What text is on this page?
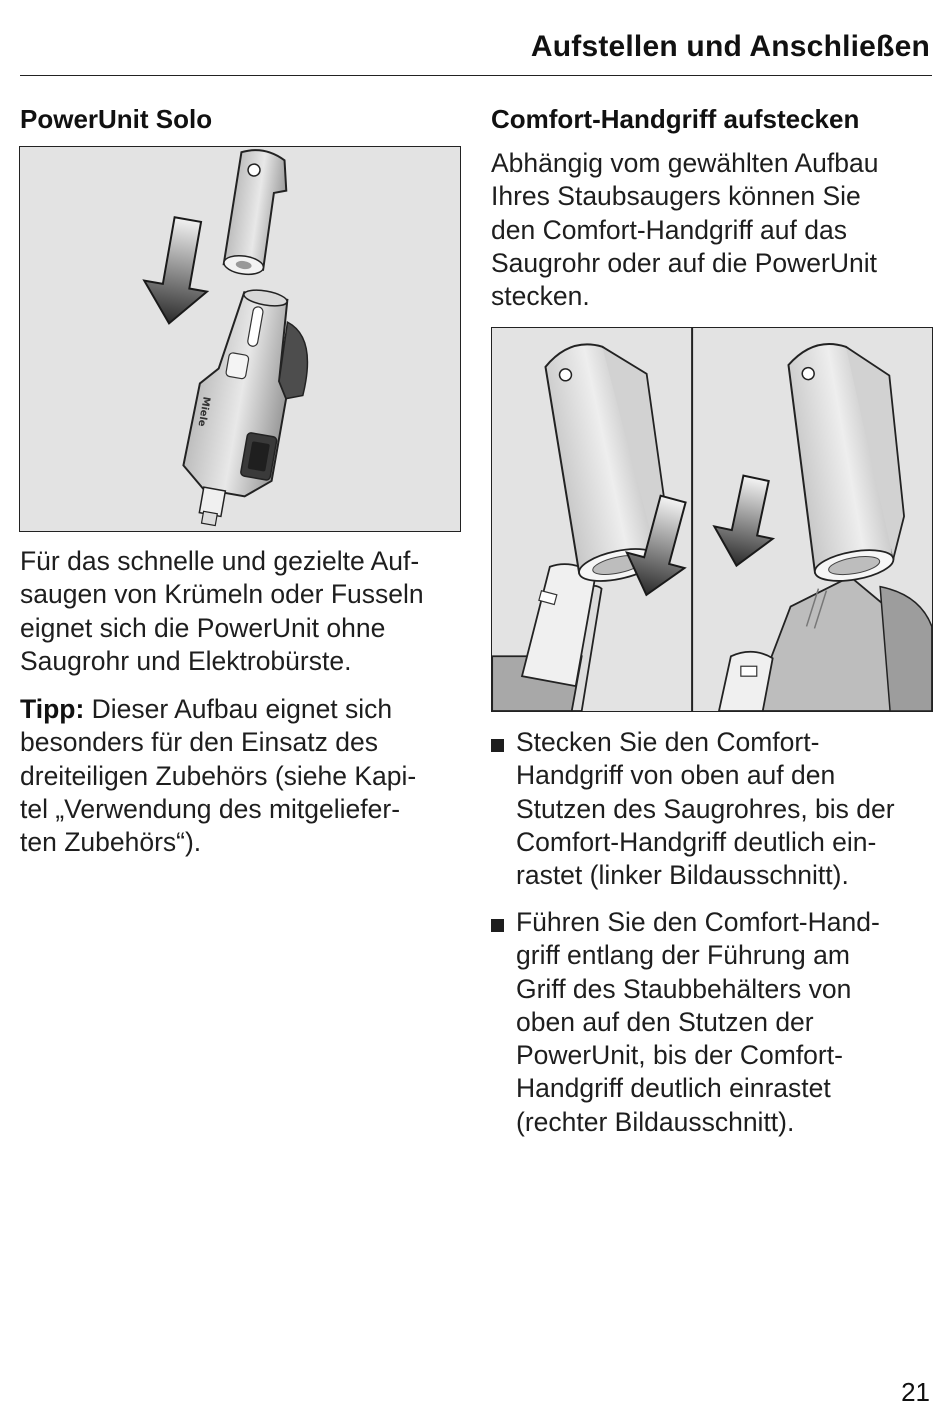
Aufstellen und Anschließen
PowerUnit Solo
Miele
Für das schnelle und gezielte Auf-
saugen von Krümeln oder Fusseln
eignet sich die PowerUnit ohne
Saugrohr und Elektrobürste.
Tipp: Dieser Aufbau eignet sich
besonders für den Einsatz des
dreiteiligen Zubehörs (siehe Kapi-
tel „Verwendung des mitgeliefer-
ten Zubehörs“).
Comfort-Handgriff aufstecken
Abhängig vom gewählten Aufbau
Ihres Staubsaugers können Sie
den Comfort-Handgriff auf das
Saugrohr oder auf die PowerUnit
stecken.
Stecken Sie den Comfort-
Handgriff von oben auf den
Stutzen des Saugrohres, bis der
Comfort-Handgriff deutlich ein-
rastet (linker Bildausschnitt).
Führen Sie den Comfort-Hand-
griff entlang der Führung am
Griff des Staubbehälters von
oben auf den Stutzen der
PowerUnit, bis der Comfort-
Handgriff deutlich einrastet
(rechter Bildausschnitt).
21
